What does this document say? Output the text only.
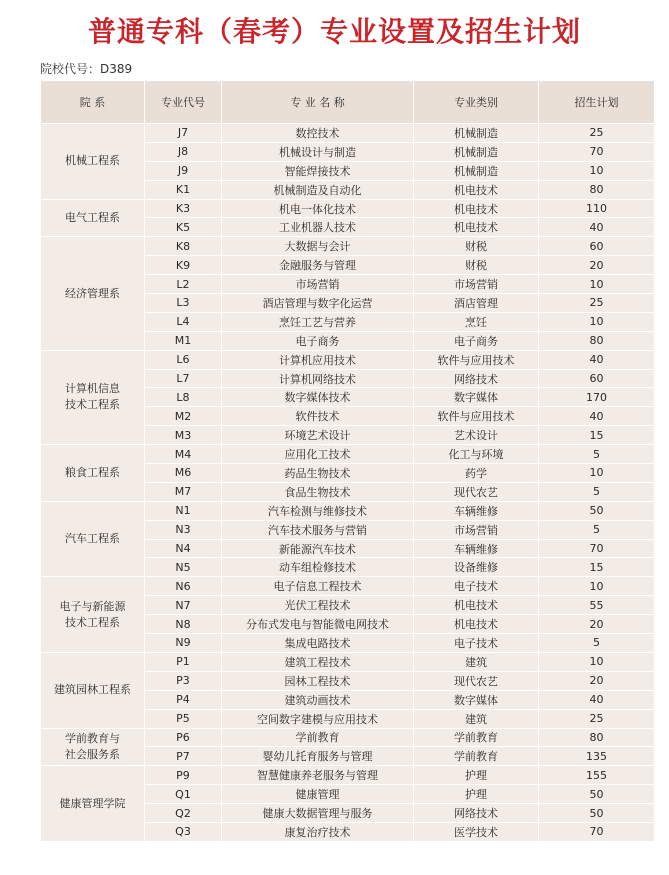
普通专科（春考）专业设置及招生计划
院校代号：D389
院 系	专业代号	专 业 名 称	专业类别	招生计划

机械工程系	J7	数控技术	机械制造	25
	J8	机械设计与制造	机械制造	70
	J9	智能焊接技术	机械制造	10
	K1	机械制造及自动化	机电技术	80

电气工程系	K3	机电一体化技术	机电技术	110
	K5	工业机器人技术	机电技术	40

经济管理系	K8	大数据与会计	财税	60
	K9	金融服务与管理	财税	20
	L2	市场营销	市场营销	10
	L3	酒店管理与数字化运营	酒店管理	25
	L4	烹饪工艺与营养	烹饪	10
	M1	电子商务	电子商务	80

计算机信息
技术工程系	L6	计算机应用技术	软件与应用技术	40
	L7	计算机网络技术	网络技术	60
	L8	数字媒体技术	数字媒体	170
	M2	软件技术	软件与应用技术	40
	M3	环境艺术设计	艺术设计	15

粮食工程系	M4	应用化工技术	化工与环境	5
	M6	药品生物技术	药学	10
	M7	食品生物技术	现代农艺	5

汽车工程系	N1	汽车检测与维修技术	车辆维修	50
	N3	汽车技术服务与营销	市场营销	5
	N4	新能源汽车技术	车辆维修	70
	N5	动车组检修技术	设备维修	15

电子与新能源
技术工程系	N6	电子信息工程技术	电子技术	10
	N7	光伏工程技术	机电技术	55
	N8	分布式发电与智能微电网技术	机电技术	20
	N9	集成电路技术	电子技术	5

建筑园林工程系	P1	建筑工程技术	建筑	10
	P3	园林工程技术	现代农艺	20
	P4	建筑动画技术	数字媒体	40
	P5	空间数字建模与应用技术	建筑	25

学前教育与
社会服务系	P6	学前教育	学前教育	80
	P7	婴幼儿托育服务与管理	学前教育	135

健康管理学院	P9	智慧健康养老服务与管理	护理	155
	Q1	健康管理	护理	50
	Q2	健康大数据管理与服务	网络技术	50
	Q3	康复治疗技术	医学技术	70
